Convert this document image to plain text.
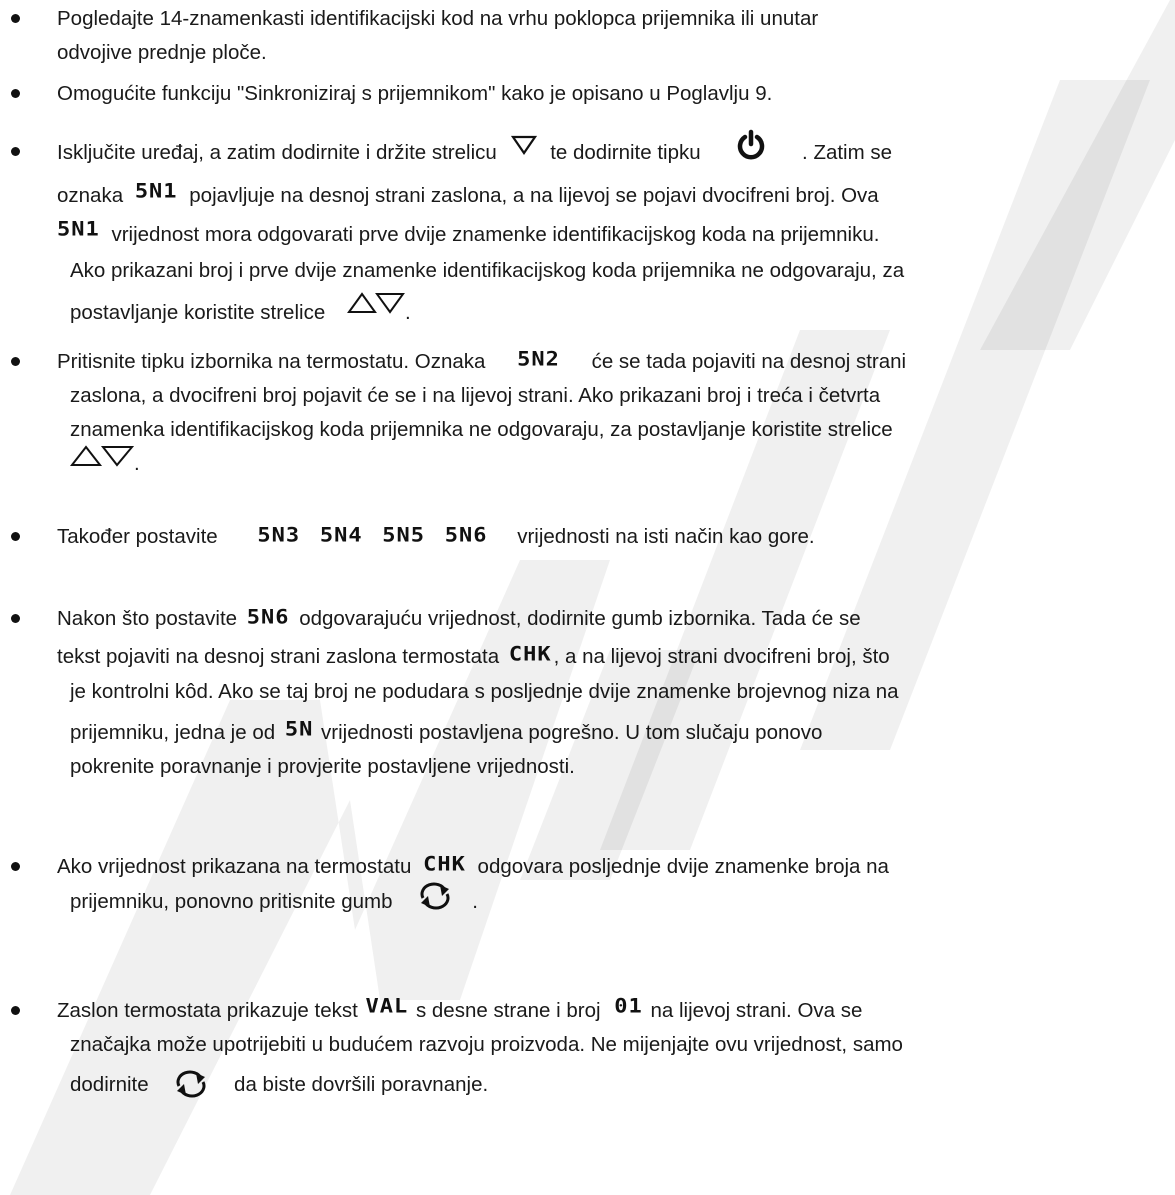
Pogledajte 14-znamenkasti identifikacijski kod na vrhu poklopca prijemnika ili unutar
odvojive prednje ploče.
Omogućite funkciju "Sinkroniziraj s prijemnikom" kako je opisano u Poglavlju 9.
Isključite uređaj, a zatim dodirnite i držite strelicu	te dodirnite tipku	. Zatim se
oznaka 5N1 pojavljuje na desnoj strani zaslona, a na lijevoj se pojavi dvocifreni broj. Ova
5N1 vrijednost mora odgovarati prve dvije znamenke identifikacijskog koda na prijemniku.
Ako prikazani broj i prve dvije znamenke identifikacijskog koda prijemnika ne odgovaraju, za
postavljanje koristite strelice	.
Pritisnite tipku izbornika na termostatu. Oznaka 5N2 će se tada pojaviti na desnoj strani
zaslona, a dvocifreni broj pojavit će se i na lijevoj strani. Ako prikazani broj i treća i četvrta
znamenka identifikacijskog koda prijemnika ne odgovaraju, za postavljanje koristite strelice
.
Također postavite 5N3 5N4 5N5 5N6 vrijednosti na isti način kao gore.
Nakon što postavite 5N6 odgovarajuću vrijednost, dodirnite gumb izbornika. Tada će se
tekst pojaviti na desnoj strani zaslona termostata CHK, a na lijevoj strani dvocifreni broj, što
je kontrolni kôd. Ako se taj broj ne podudara s posljednje dvije znamenke brojevnog niza na
prijemniku, jedna je od 5N vrijednosti postavljena pogrešno. U tom slučaju ponovo
pokrenite poravnanje i provjerite postavljene vrijednosti.
Ako vrijednost prikazana na termostatu CHK odgovara posljednje dvije znamenke broja na
prijemniku, ponovno pritisnite gumb	.
Zaslon termostata prikazuje tekst VAL s desne strane i broj 01 na lijevoj strani. Ova se
značajka može upotrijebiti u budućem razvoju proizvoda. Ne mijenjajte ovu vrijednost, samo
dodirnite	da biste dovršili poravnanje.
